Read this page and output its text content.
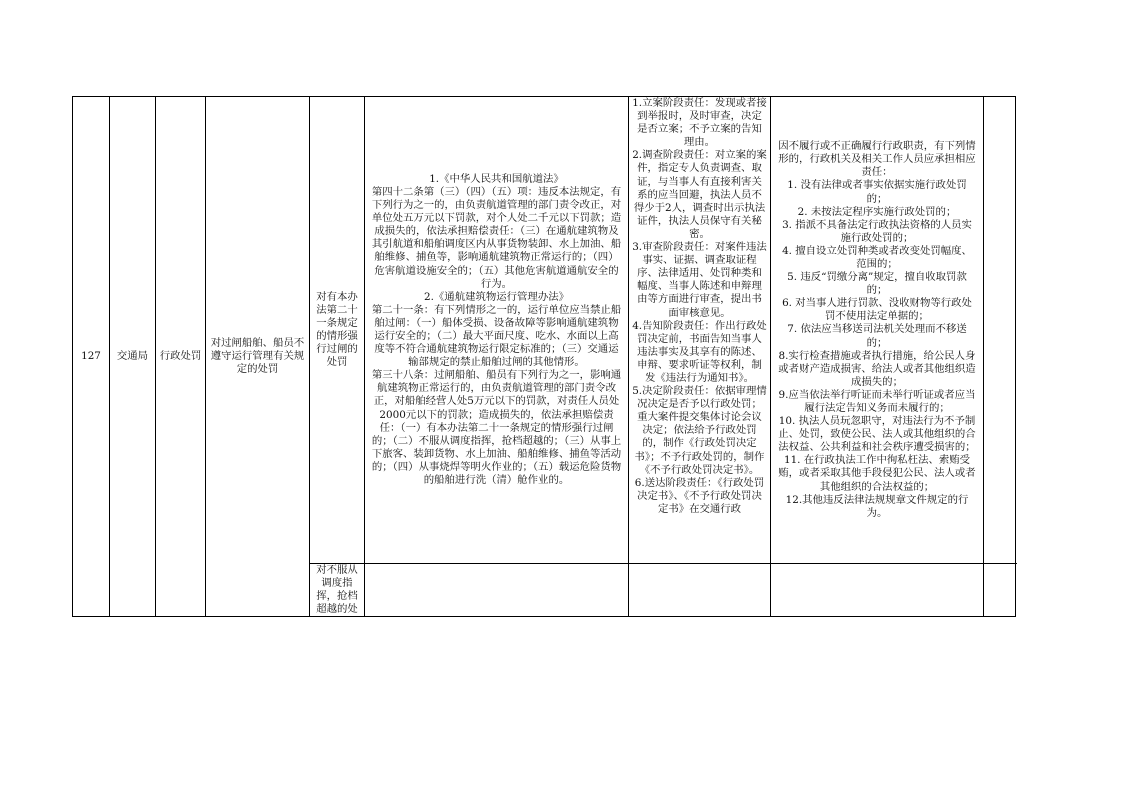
127 交通局 行政处罚
对过闸船舶、船员不遵守运行管理有关规定的处罚
对有本办法第二十一条规定的情形强行过闸的处罚
对不服从调度指挥，抢档超越的处
1.《中华人民共和国航道法》
第四十二条第（三）（四）（五）项：违反本法规定，有下列行为之一的，由负责航道管理的部门责令改正，对单位处五万元以下罚款，对个人处二千元以下罚款；造成损失的，依法承担赔偿责任：（三）在通航建筑物及其引航道和船舶调度区内从事货物装卸、水上加油、船舶维修、捕鱼等，影响通航建筑物正常运行的；（四）危害航道设施安全的；（五）其他危害航道通航安全的行为。
2.《通航建筑物运行管理办法》
第二十一条：有下列情形之一的，运行单位应当禁止船舶过闸：（一）船体受损、设备故障等影响通航建筑物运行安全的；（二）最大平面尺度、吃水、水面以上高度等不符合通航建筑物运行限定标准的；（三）交通运输部规定的禁止船舶过闸的其他情形。
第三十八条：过闸船舶、船员有下列行为之一，影响通航建筑物正常运行的，由负责航道管理的部门责令改正，对船舶经营人处5万元以下的罚款，对责任人员处2000元以下的罚款；造成损失的，依法承担赔偿责任：（一）有本办法第二十一条规定的情形强行过闸的；（二）不服从调度指挥，抢档超越的；（三）从事上下旅客、装卸货物、水上加油、船舶维修、捕鱼等活动的；（四）从事烧焊等明火作业的；（五）载运危险货物的船舶进行洗（清）舱作业的。
1.立案阶段责任：发现或者接到举报时，及时审查，决定是否立案；不予立案的告知理由。
2.调查阶段责任：对立案的案件，指定专人负责调查、取证，与当事人有直接利害关系的应当回避，执法人员不得少于2人，调查时出示执法证件，执法人员保守有关秘密。
3.审查阶段责任：对案件违法事实、证据、调查取证程序、法律适用、处罚种类和幅度、当事人陈述和申辩理由等方面进行审查，提出书面审核意见。
4.告知阶段责任：作出行政处罚决定前，书面告知当事人违法事实及其享有的陈述、申辩、要求听证等权利，制发《违法行为通知书》。
5.决定阶段责任：依据审理情况决定是否予以行政处罚；重大案件提交集体讨论会议决定；依法给予行政处罚的，制作《行政处罚决定书》；不予行政处罚的，制作《不予行政处罚决定书》。
6.送达阶段责任：《行政处罚决定书》、《不予行政处罚决定书》在交通行政
因不履行或不正确履行行政职责，有下列情形的，行政机关及相关工作人员应承担相应责任：
1. 没有法律或者事实依据实施行政处罚的；
2. 未按法定程序实施行政处罚的；
3. 指派不具备法定行政执法资格的人员实施行政处罚的；
4. 擅自设立处罚种类或者改变处罚幅度、范围的；
5. 违反“罚缴分离”规定，擅自收取罚款的；
6. 对当事人进行罚款、没收财物等行政处罚不使用法定单据的；
7. 依法应当移送司法机关处理而不移送的；
8.实行检查措施或者执行措施，给公民人身或者财产造成损害、给法人或者其他组织造成损失的；
9.应当依法举行听证而未举行听证或者应当履行法定告知义务而未履行的；
10. 执法人员玩忽职守，对违法行为不予制止、处罚，致使公民、法人或其他组织的合法权益、公共利益和社会秩序遭受损害的；
11. 在行政执法工作中徇私枉法、索贿受贿，或者采取其他手段侵犯公民、法人或者其他组织的合法权益的；
12.其他违反法律法规规章文件规定的行为。
